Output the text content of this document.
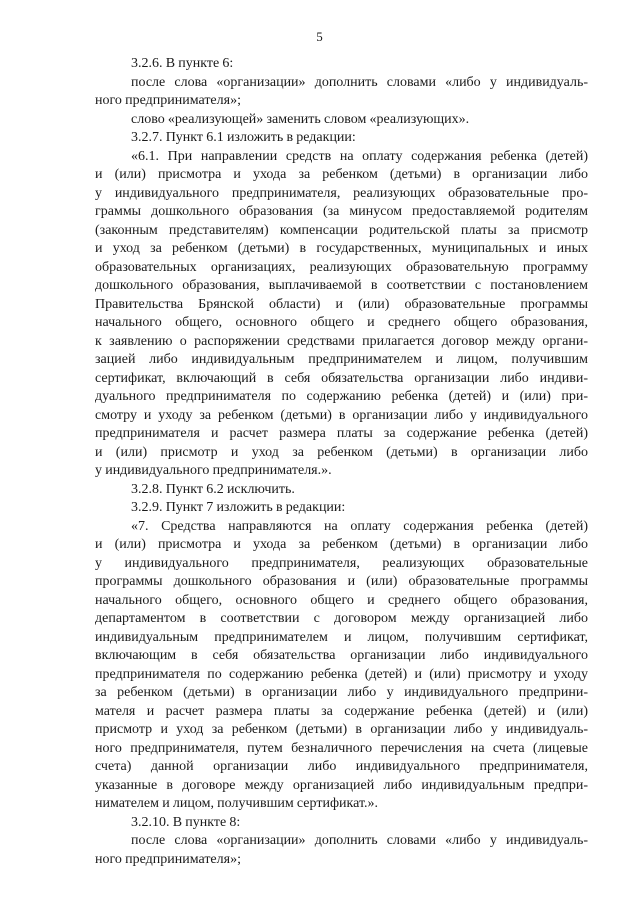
5
3.2.6. В пункте 6:
после слова «организации» дополнить словами «либо у индивидуаль-
ного предпринимателя»;
слово «реализующей» заменить словом «реализующих».
3.2.7. Пункт 6.1 изложить в редакции:
«6.1. При направлении средств на оплату содержания ребенка (детей)
и (или) присмотра и ухода за ребенком (детьми) в организации либо
у индивидуального предпринимателя, реализующих образовательные про-
граммы дошкольного образования (за минусом предоставляемой родителям
(законным представителям) компенсации родительской платы за присмотр
и уход за ребенком (детьми) в государственных, муниципальных и иных
образовательных организациях, реализующих образовательную программу
дошкольного образования, выплачиваемой в соответствии с постановлением
Правительства Брянской области) и (или) образовательные программы
начального общего, основного общего и среднего общего образования,
к заявлению о распоряжении средствами прилагается договор между органи-
зацией либо индивидуальным предпринимателем и лицом, получившим
сертификат, включающий в себя обязательства организации либо индиви-
дуального предпринимателя по содержанию ребенка (детей) и (или) при-
смотру и уходу за ребенком (детьми) в организации либо у индивидуального
предпринимателя и расчет размера платы за содержание ребенка (детей)
и (или) присмотр и уход за ребенком (детьми) в организации либо
у индивидуального предпринимателя.».
3.2.8. Пункт 6.2 исключить.
3.2.9. Пункт 7 изложить в редакции:
«7. Средства направляются на оплату содержания ребенка (детей)
и (или) присмотра и ухода за ребенком (детьми) в организации либо
у индивидуального предпринимателя, реализующих образовательные
программы дошкольного образования и (или) образовательные программы
начального общего, основного общего и среднего общего образования,
департаментом в соответствии с договором между организацией либо
индивидуальным предпринимателем и лицом, получившим сертификат,
включающим в себя обязательства организации либо индивидуального
предпринимателя по содержанию ребенка (детей) и (или) присмотру и уходу
за ребенком (детьми) в организации либо у индивидуального предприни-
мателя и расчет размера платы за содержание ребенка (детей) и (или)
присмотр и уход за ребенком (детьми) в организации либо у индивидуаль-
ного предпринимателя, путем безналичного перечисления на счета (лицевые
счета) данной организации либо индивидуального предпринимателя,
указанные в договоре между организацией либо индивидуальным предпри-
нимателем и лицом, получившим сертификат.».
3.2.10. В пункте 8:
после слова «организации» дополнить словами «либо у индивидуаль-
ного предпринимателя»;
